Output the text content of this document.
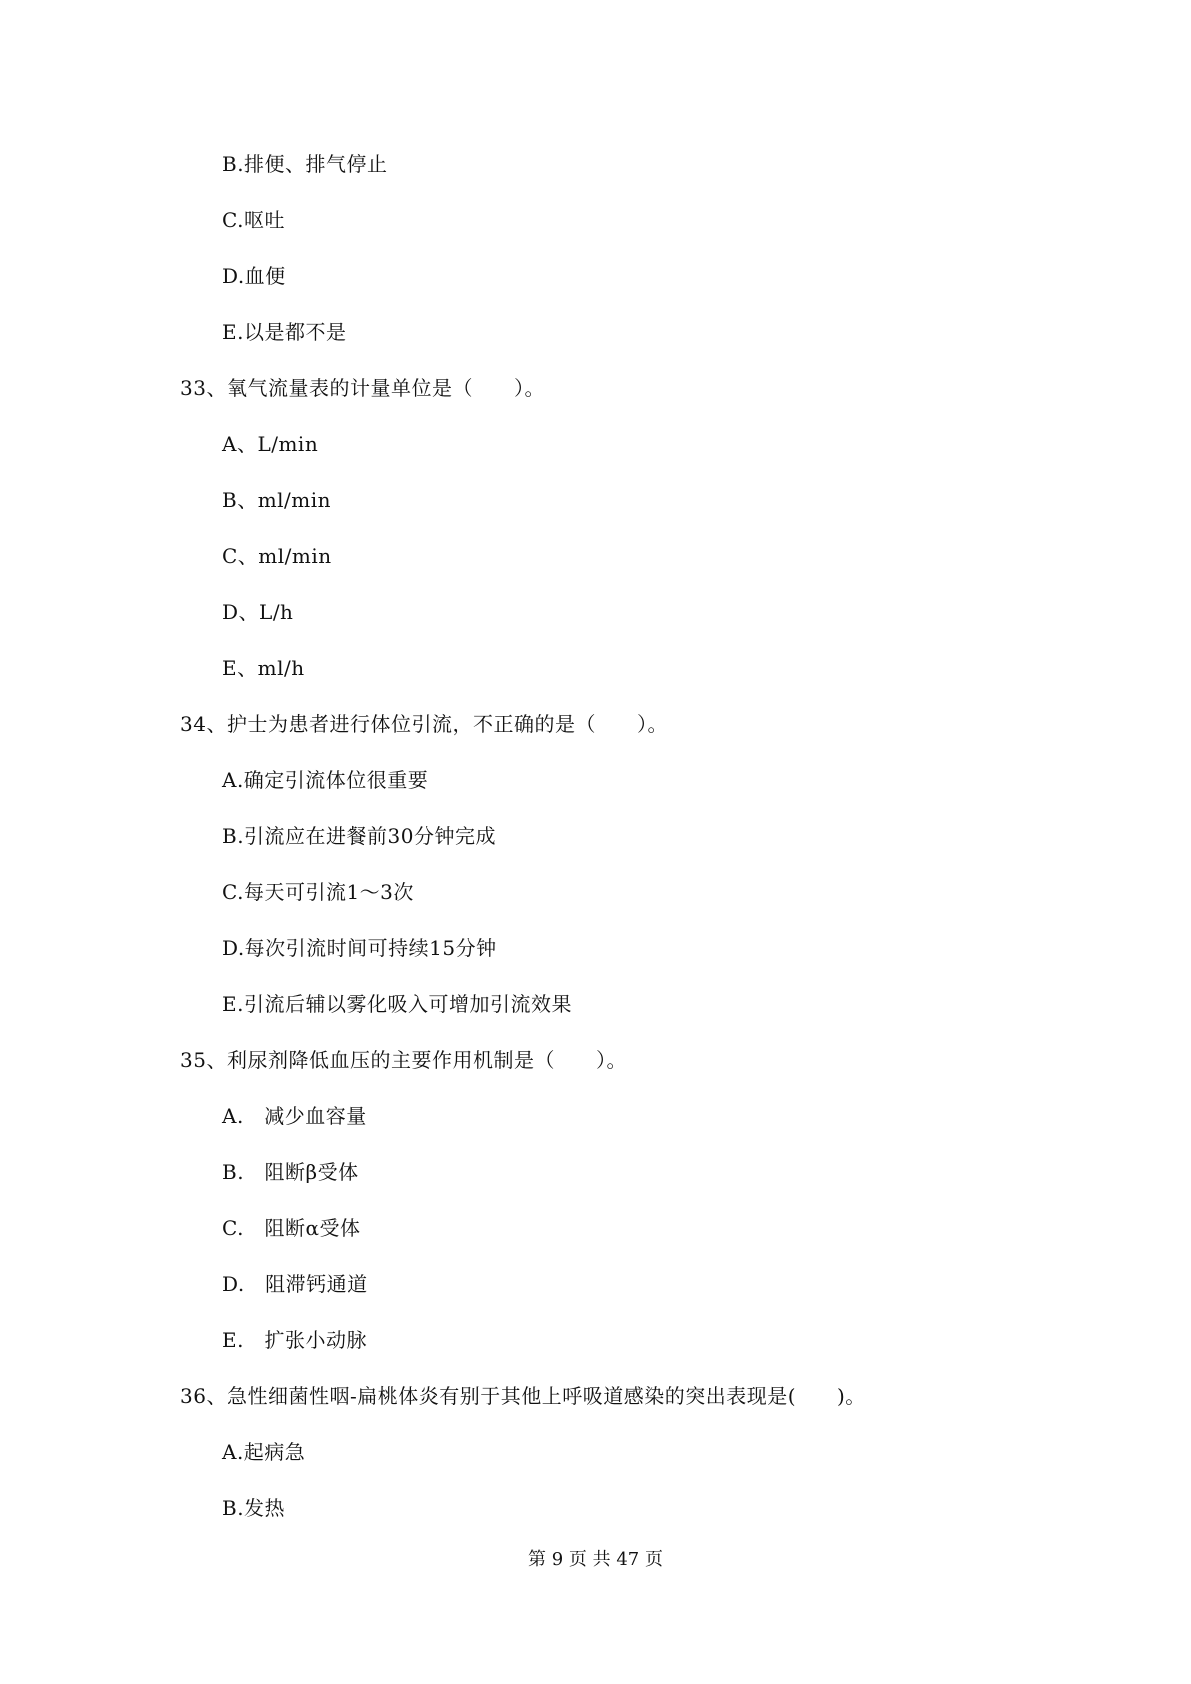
B.排便、排气停止
C.呕吐
D.血便
E.以是都不是
33、氧气流量表的计量单位是（　　）。
A、L/min
B、ml/min
C、ml/min
D、L/h
E、ml/h
34、护士为患者进行体位引流，不正确的是（　　）。
A.确定引流体位很重要
B.引流应在进餐前30分钟完成
C.每天可引流1～3次
D.每次引流时间可持续15分钟
E.引流后辅以雾化吸入可增加引流效果
35、利尿剂降低血压的主要作用机制是（　　）。
A.　减少血容量
B.　阻断β受体
C.　阻断α受体
D.　阻滞钙通道
E.　扩张小动脉
36、急性细菌性咽-扁桃体炎有别于其他上呼吸道感染的突出表现是(　　)。
A.起病急
B.发热
第 9 页 共 47 页
